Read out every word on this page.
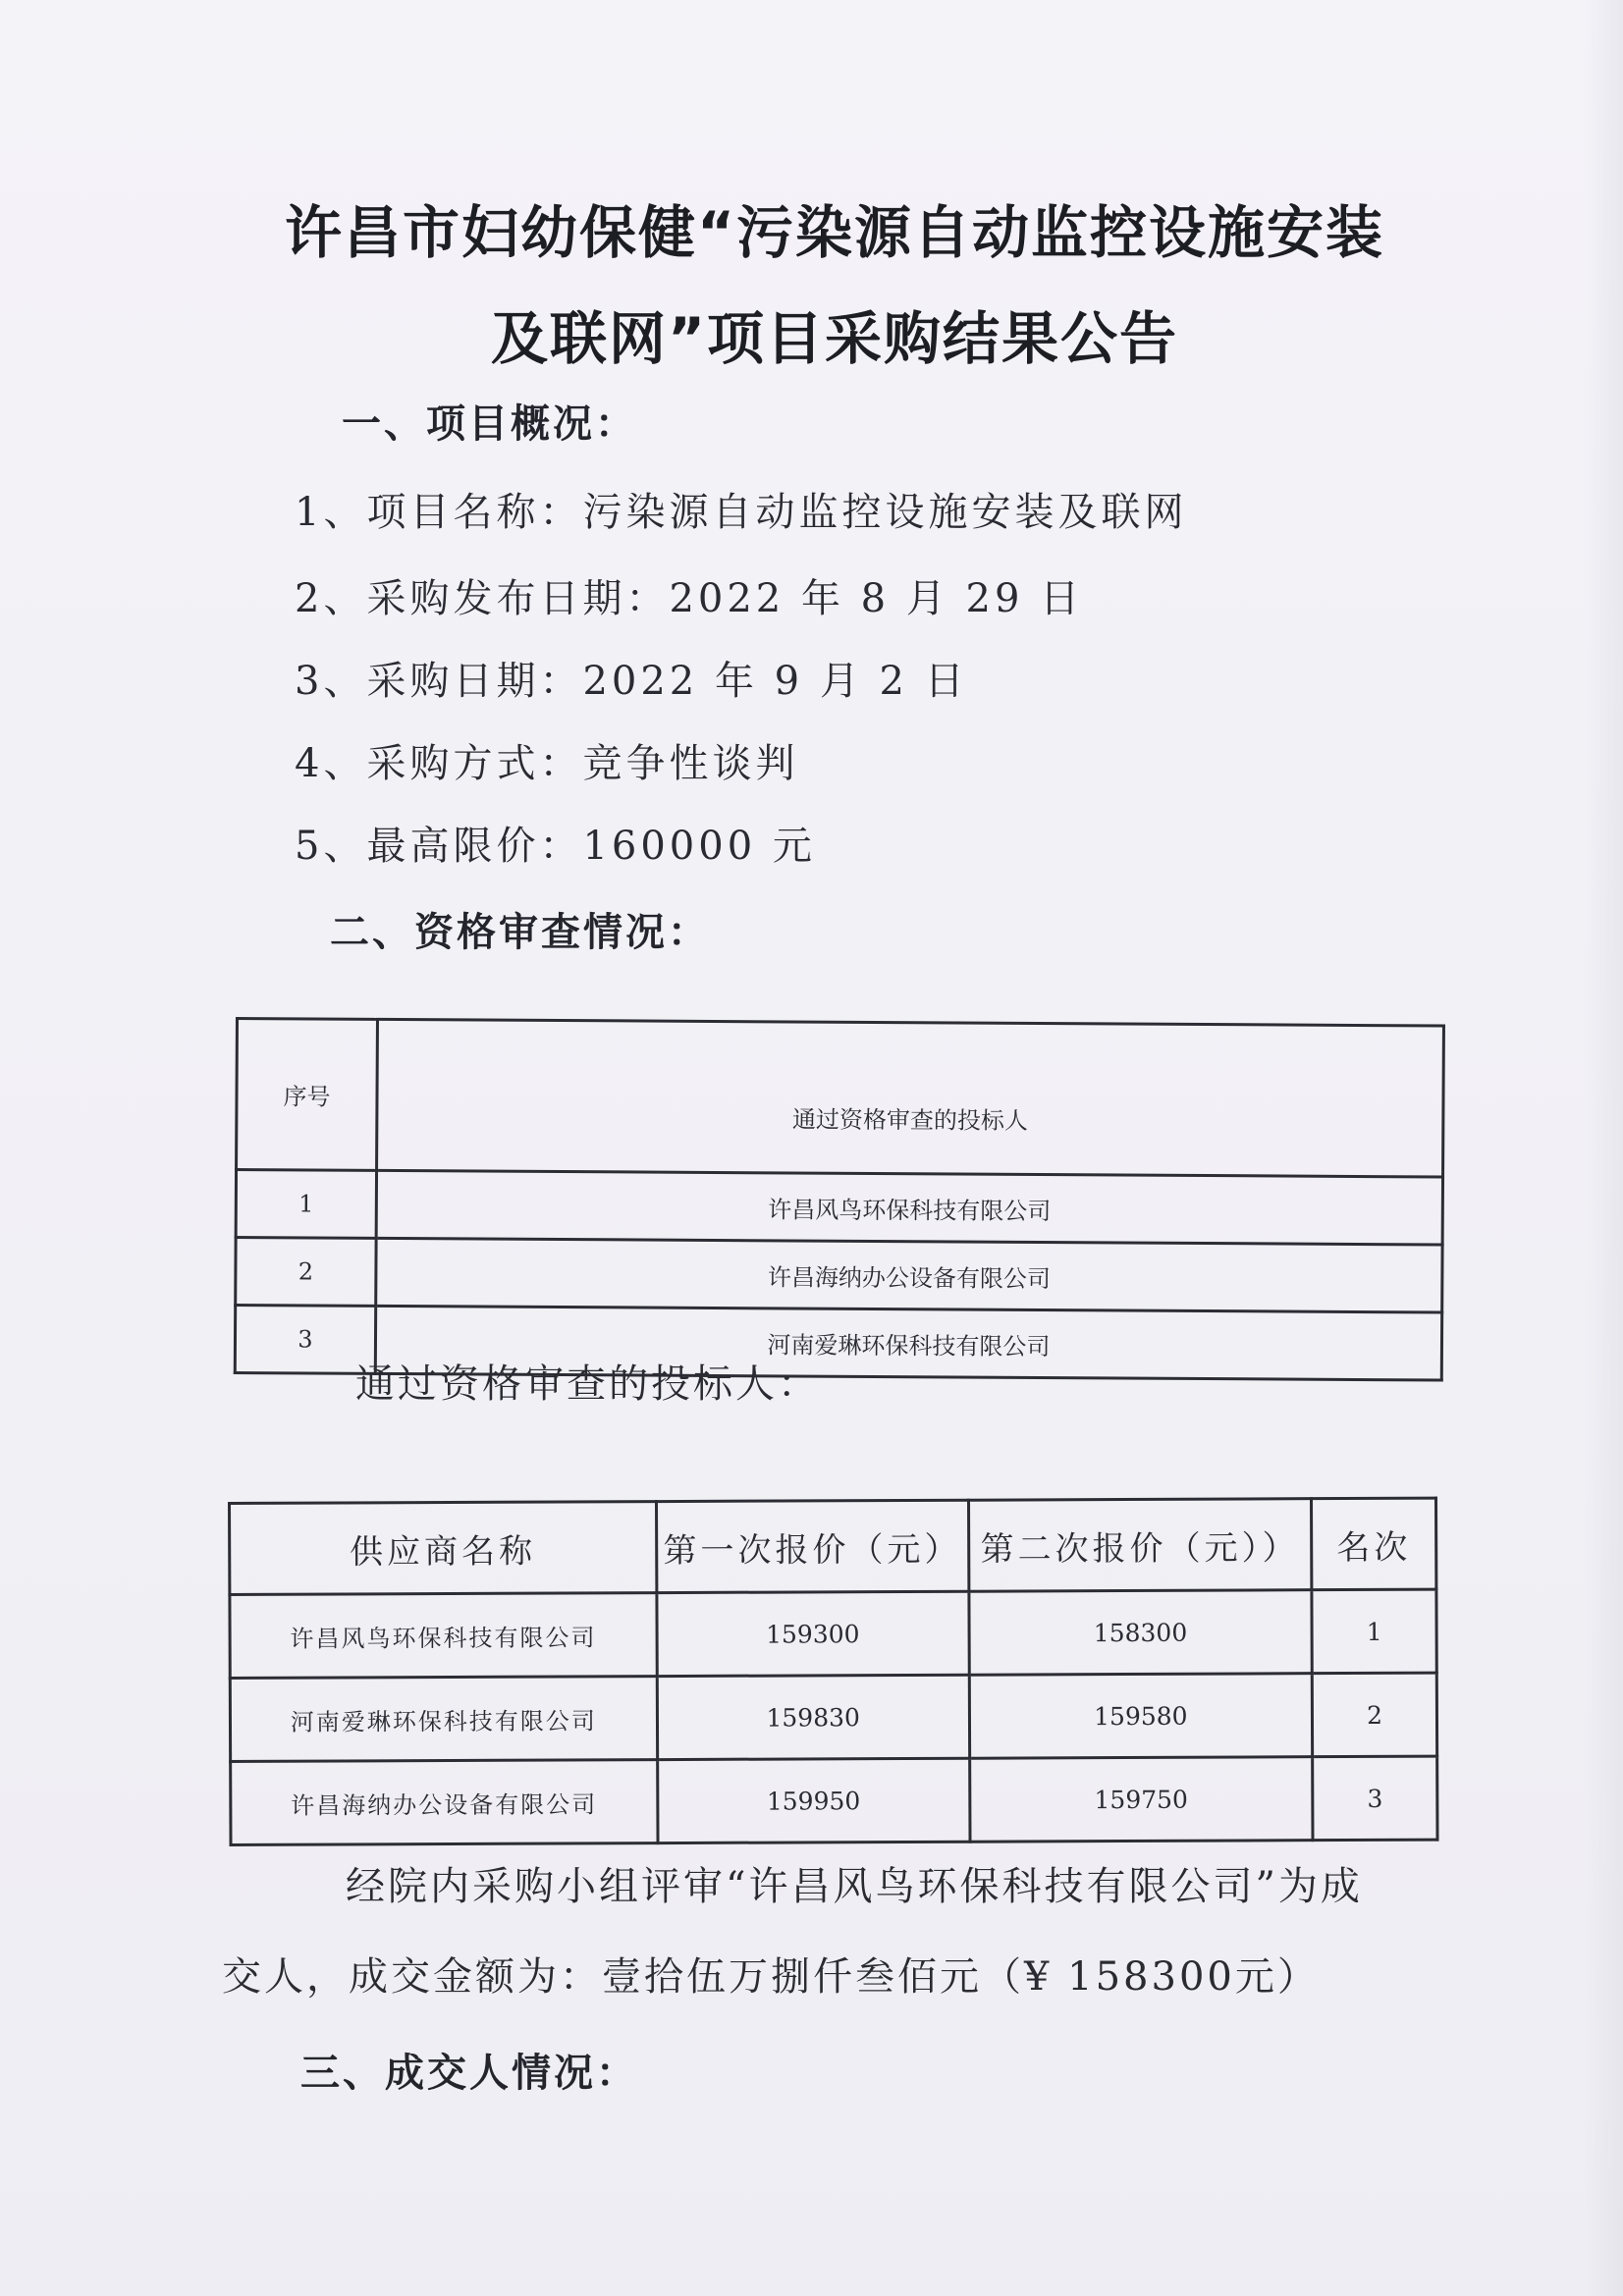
许昌市妇幼保健“污染源自动监控设施安装
及联网”项目采购结果公告
一、项目概况：
1、项目名称：污染源自动监控设施安装及联网
2、采购发布日期：2022 年 8 月 29 日
3、采购日期：2022 年 9 月 2 日
4、采购方式：竞争性谈判
5、最高限价：160000 元
二、资格审查情况：
序号	通过资格审查的投标人
1	许昌风鸟环保科技有限公司
2	许昌海纳办公设备有限公司
3	河南爱琳环保科技有限公司
通过资格审查的投标人：
供应商名称	第一次报价（元）	第二次报价（元））	名次
许昌风鸟环保科技有限公司	159300	158300	1
河南爱琳环保科技有限公司	159830	159580	2
许昌海纳办公设备有限公司	159950	159750	3
经院内采购小组评审“许昌风鸟环保科技有限公司”为成
交人，成交金额为：壹拾伍万捌仟叁佰元（¥ 158300元）
三、成交人情况：
